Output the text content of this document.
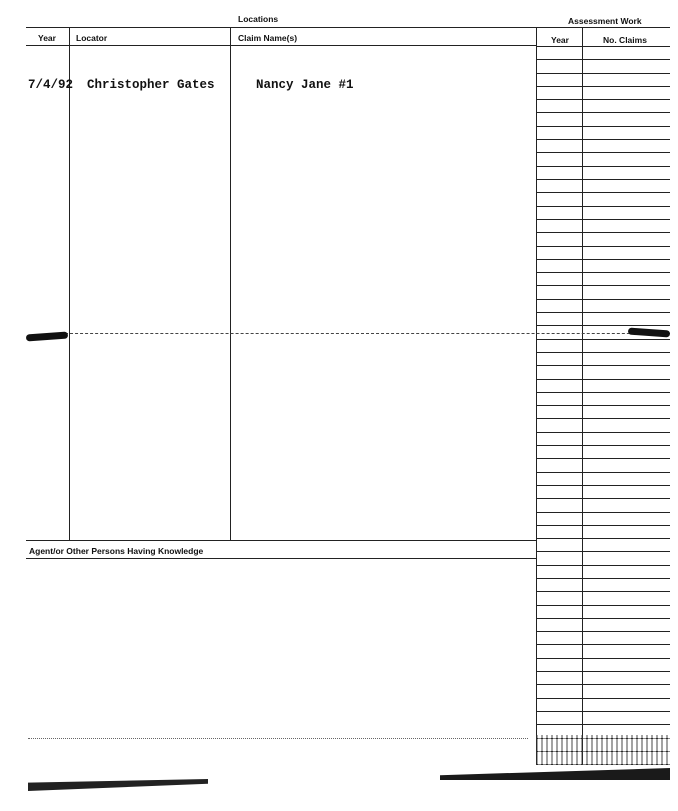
Locations	Assessment Work
Year Locator	Claim Name(s)	Year	No. Claims
7/4/92 Christopher Gates	Nancy Jane #1
Agent/or Other Persons Having Knowledge
